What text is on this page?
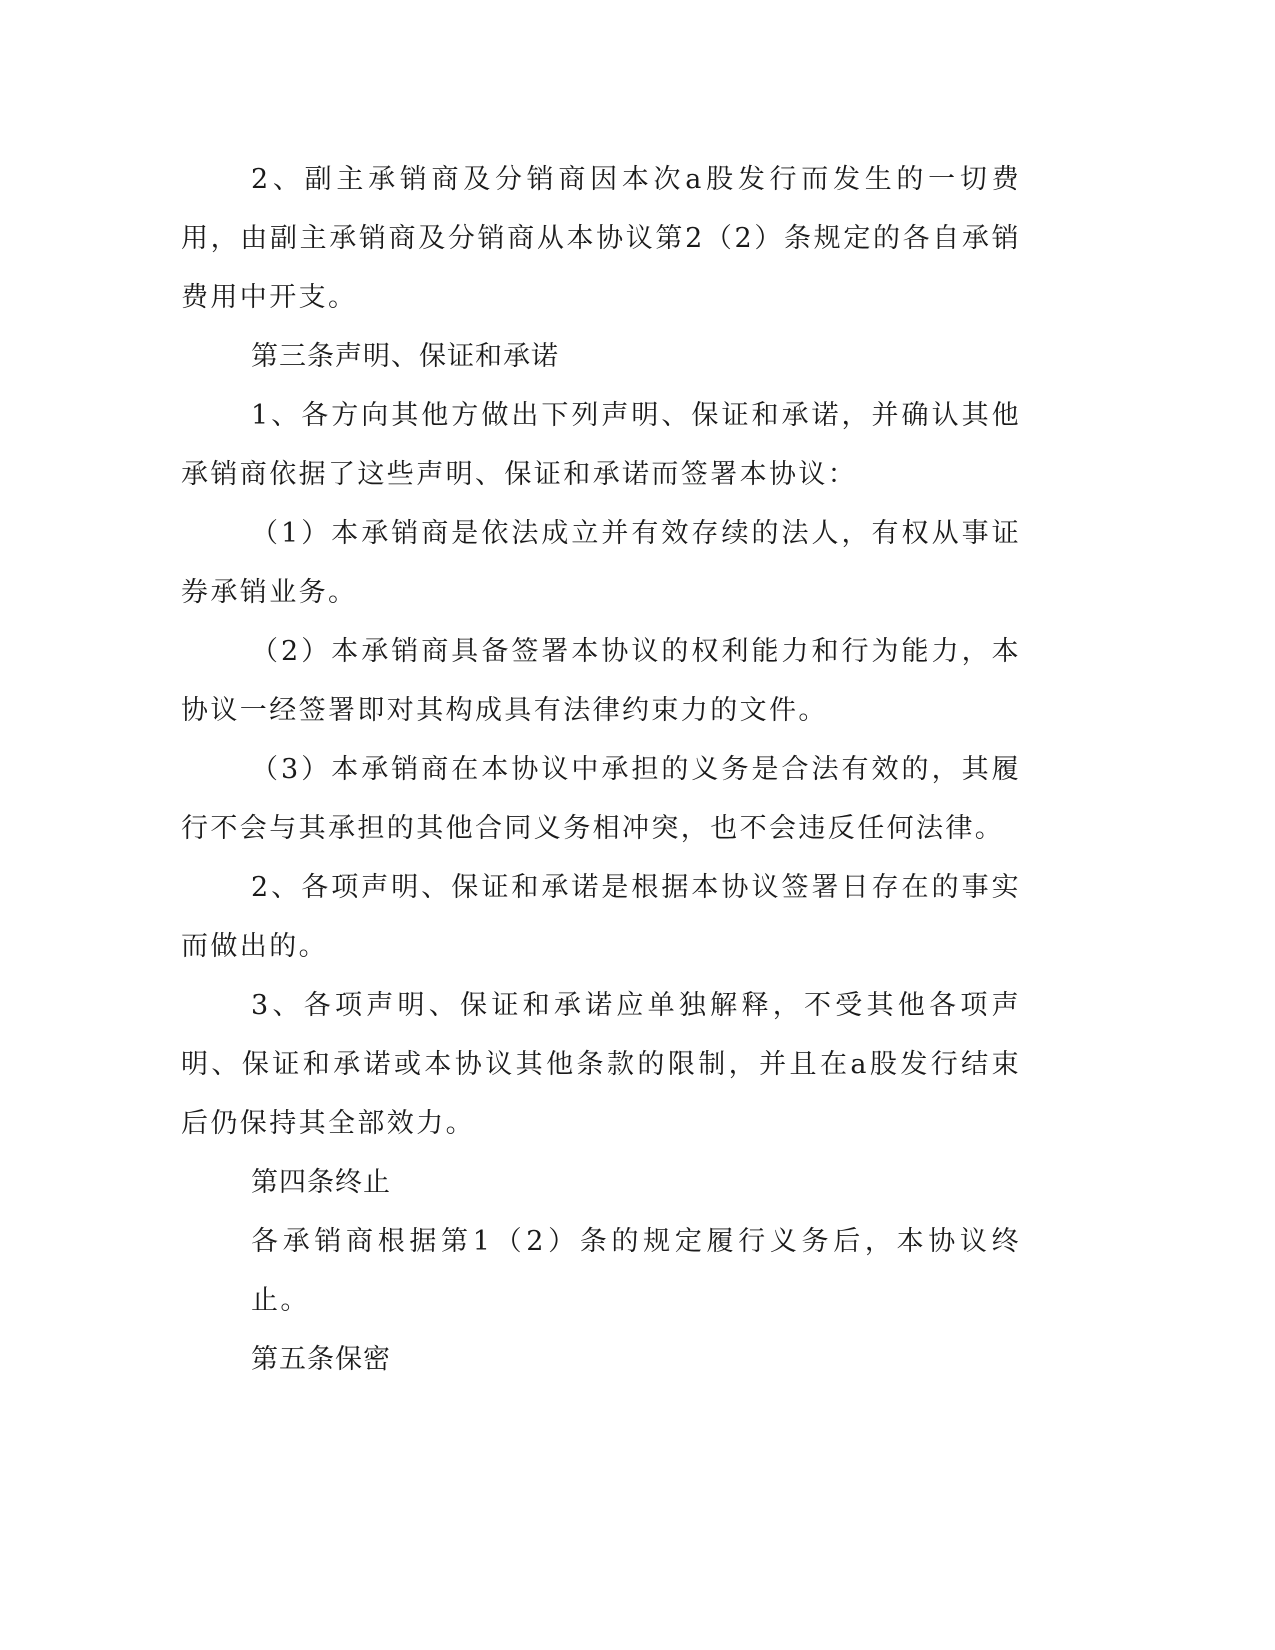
2、副主承销商及分销商因本次a股发行而发生的一切费用，由副主承销商及分销商从本协议第2（2）条规定的各自承销费用中开支。

第三条声明、保证和承诺

1、各方向其他方做出下列声明、保证和承诺，并确认其他承销商依据了这些声明、保证和承诺而签署本协议：

（1）本承销商是依法成立并有效存续的法人，有权从事证券承销业务。

（2）本承销商具备签署本协议的权利能力和行为能力，本协议一经签署即对其构成具有法律约束力的文件。

（3）本承销商在本协议中承担的义务是合法有效的，其履行不会与其承担的其他合同义务相冲突，也不会违反任何法律。

2、各项声明、保证和承诺是根据本协议签署日存在的事实而做出的。

3、各项声明、保证和承诺应单独解释，不受其他各项声明、保证和承诺或本协议其他条款的限制，并且在a股发行结束后仍保持其全部效力。

第四条终止

各承销商根据第1（2）条的规定履行义务后，本协议终止。

第五条保密
